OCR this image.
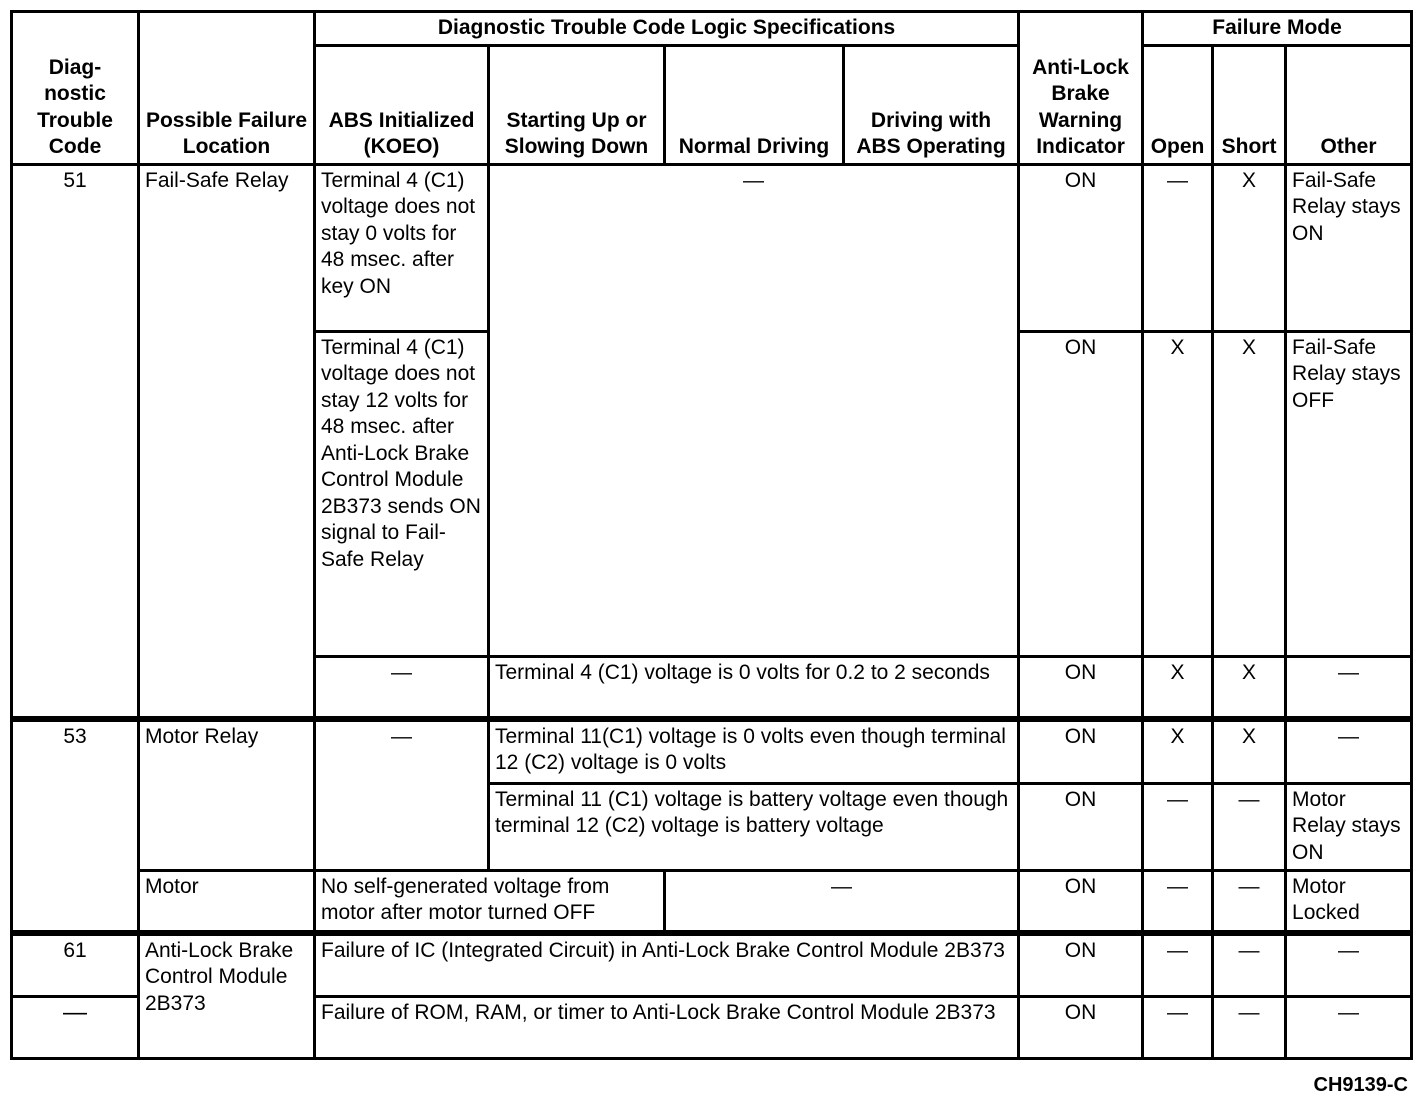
Diag- nostic Trouble Code	Possible Failure Location	Diagnostic Trouble Code Logic Specifications				Anti-Lock Brake Warning Indicator	Failure Mode		
		ABS Initialized (KOEO)	Starting Up or Slowing Down	Normal Driving	Driving with ABS Operating		Open	Short	Other
51	Fail-Safe Relay	Terminal 4 (C1) voltage does not stay 0 volts for 48 msec. after key ON	—			ON	—	X	Fail-Safe Relay stays ON
		Terminal 4 (C1) voltage does not stay 12 volts for 48 msec. after Anti-Lock Brake Control Module 2B373 sends ON signal to Fail-Safe Relay				ON	X	X	Fail-Safe Relay stays OFF
		—	Terminal 4 (C1) voltage is 0 volts for 0.2 to 2 seconds			ON	X	X	—
53	Motor Relay	—	Terminal 11(C1) voltage is 0 volts even though terminal 12 (C2) voltage is 0 volts			ON	X	X	—
			Terminal 11 (C1) voltage is battery voltage even though terminal 12 (C2) voltage is battery voltage			ON	—	—	Motor Relay stays ON
	Motor	No self-generated voltage from motor after motor turned OFF		—		ON	—	—	Motor Locked
61	Anti-Lock Brake Control Module 2B373	Failure of IC (Integrated Circuit) in Anti-Lock Brake Control Module 2B373				ON	—	—	—
—		Failure of ROM, RAM, or timer to Anti-Lock Brake Control Module 2B373				ON	—	—	—
CH9139-C
